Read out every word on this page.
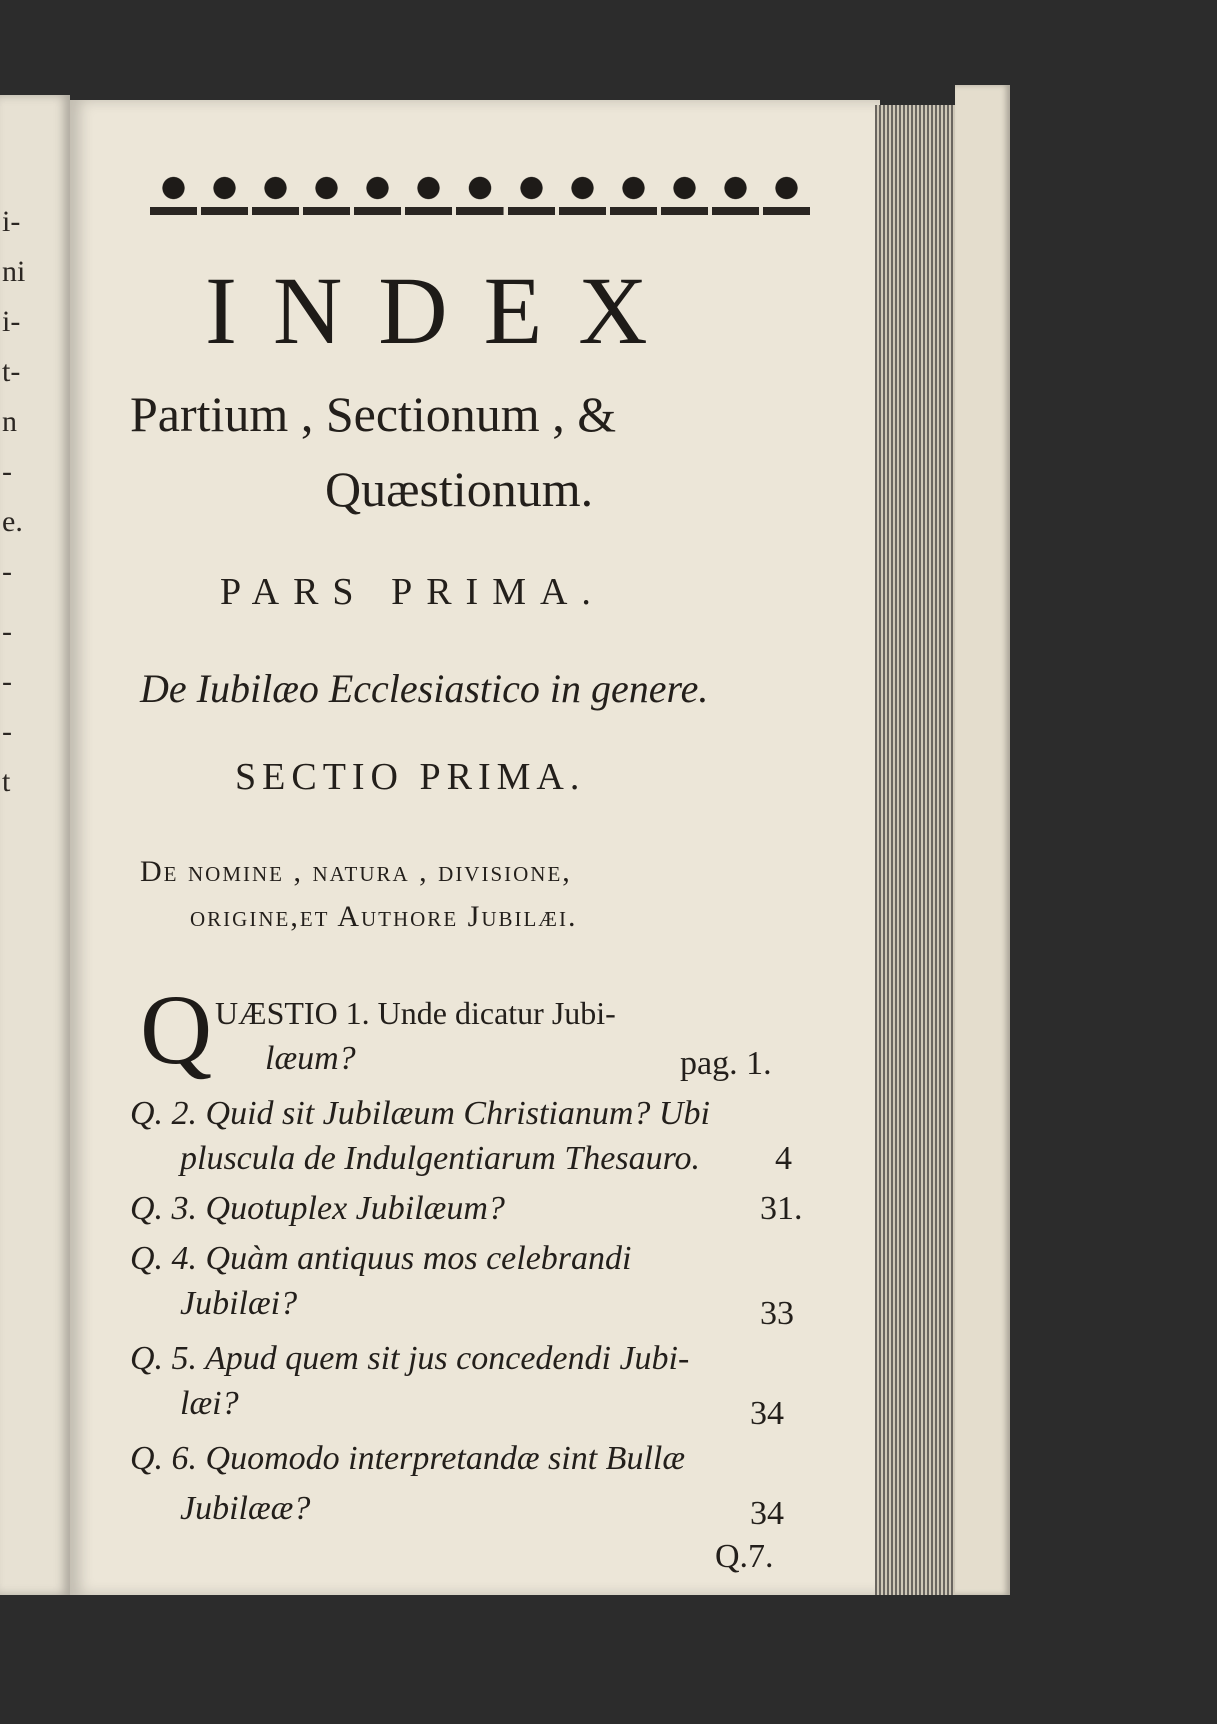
i-
ni
i-
t-
n
-
e.
-
-
-
-
t
INDEX
Partium , Sectionum , &
Quæstionum.
PARS PRIMA.
De Iubilæo Ecclesiastico in genere.
SECTIO PRIMA.
De nomine , natura , divisione,
origine,et Authore Jubilæi.
Q UÆSTIO 1. Unde dicatur Jubi-
læum?	pag. 1.
Q. 2. Quid sit Jubilæum Christianum? Ubi
pluscula de Indulgentiarum Thesauro. 4
Q. 3. Quotuplex Jubilæum?	31.
Q. 4. Quàm antiquus mos celebrandi
Jubilæi?	33
Q. 5. Apud quem sit jus concedendi Jubi-
læi?	34
Q. 6. Quomodo interpretandæ sint Bullæ
Jubilææ?	34
Q.7.
